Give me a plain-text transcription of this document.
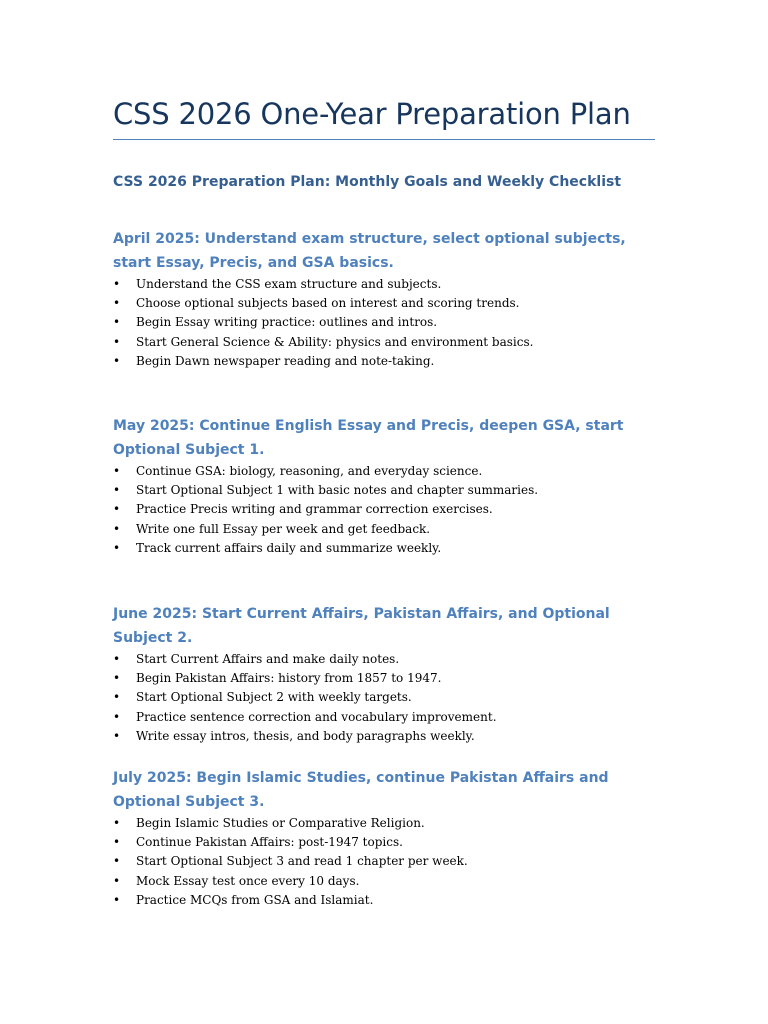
CSS 2026 One-Year Preparation Plan
CSS 2026 Preparation Plan: Monthly Goals and Weekly Checklist
April 2025: Understand exam structure, select optional subjects, start Essay, Precis, and GSA basics.
• Understand the CSS exam structure and subjects.
• Choose optional subjects based on interest and scoring trends.
• Begin Essay writing practice: outlines and intros.
• Start General Science & Ability: physics and environment basics.
• Begin Dawn newspaper reading and note-taking.
May 2025: Continue English Essay and Precis, deepen GSA, start Optional Subject 1.
• Continue GSA: biology, reasoning, and everyday science.
• Start Optional Subject 1 with basic notes and chapter summaries.
• Practice Precis writing and grammar correction exercises.
• Write one full Essay per week and get feedback.
• Track current affairs daily and summarize weekly.
June 2025: Start Current Affairs, Pakistan Affairs, and Optional Subject 2.
• Start Current Affairs and make daily notes.
• Begin Pakistan Affairs: history from 1857 to 1947.
• Start Optional Subject 2 with weekly targets.
• Practice sentence correction and vocabulary improvement.
• Write essay intros, thesis, and body paragraphs weekly.
July 2025: Begin Islamic Studies, continue Pakistan Affairs and Optional Subject 3.
• Begin Islamic Studies or Comparative Religion.
• Continue Pakistan Affairs: post-1947 topics.
• Start Optional Subject 3 and read 1 chapter per week.
• Mock Essay test once every 10 days.
• Practice MCQs from GSA and Islamiat.
